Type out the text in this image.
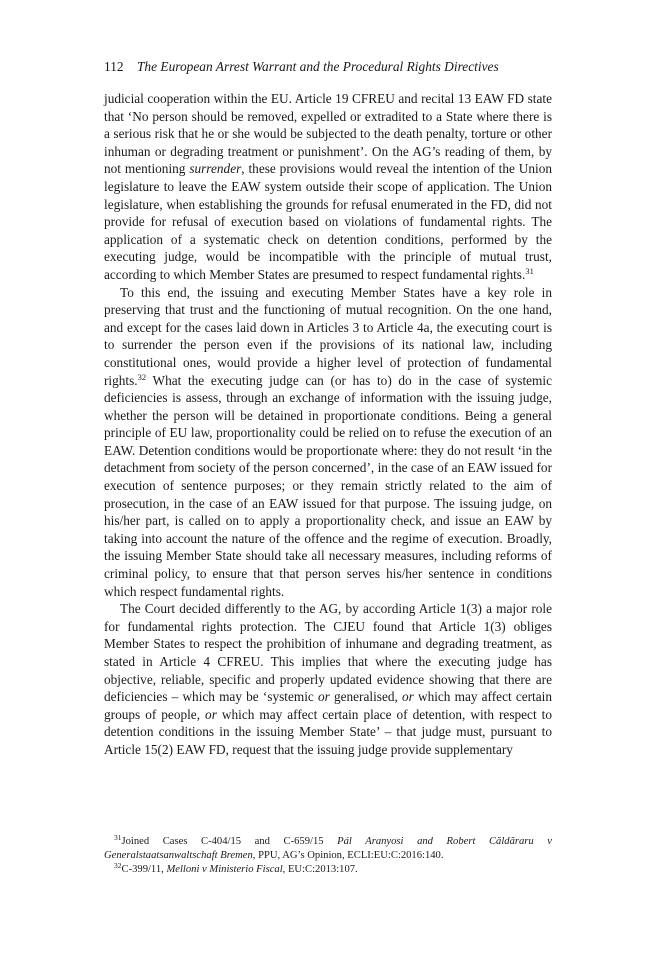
112 The European Arrest Warrant and the Procedural Rights Directives

judicial cooperation within the EU. Article 19 CFREU and recital 13 EAW FD state that ‘No person should be removed, expelled or extradited to a State where there is a serious risk that he or she would be subjected to the death penalty, torture or other inhuman or degrading treatment or punishment’. On the AG’s reading of them, by not mentioning surrender, these provisions would reveal the intention of the Union legislature to leave the EAW system outside their scope of application. The Union legislature, when establishing the grounds for refusal enumerated in the FD, did not provide for refusal of execution based on violations of fundamental rights. The application of a systematic check on detention conditions, performed by the executing judge, would be incompatible with the principle of mutual trust, according to which Member States are presumed to respect fundamental rights.$^{31}$

To this end, the issuing and executing Member States have a key role in preserving that trust and the functioning of mutual recognition. On the one hand, and except for the cases laid down in Articles 3 to Article 4a, the executing court is to surrender the person even if the provisions of its national law, including constitutional ones, would provide a higher level of protection of fundamental rights.$^{32}$ What the executing judge can (or has to) do in the case of systemic deficiencies is assess, through an exchange of information with the issuing judge, whether the person will be detained in proportionate conditions. Being a general principle of EU law, proportionality could be relied on to refuse the execution of an EAW. Detention conditions would be proportionate where: they do not result ‘in the detachment from society of the person concerned’, in the case of an EAW issued for execution of sentence purposes; or they remain strictly related to the aim of prosecution, in the case of an EAW issued for that purpose. The issuing judge, on his/her part, is called on to apply a proportionality check, and issue an EAW by taking into account the nature of the offence and the regime of execution. Broadly, the issuing Member State should take all necessary measures, including reforms of criminal policy, to ensure that that person serves his/her sentence in conditions which respect fundamental rights.

The Court decided differently to the AG, by according Article 1(3) a major role for fundamental rights protection. The CJEU found that Article 1(3) obliges Member States to respect the prohibition of inhumane and degrading treatment, as stated in Article 4 CFREU. This implies that where the executing judge has objective, reliable, specific and properly updated evidence showing that there are deficiencies – which may be ‘systemic or generalised, or which may affect certain groups of people, or which may affect certain place of detention, with respect to detention conditions in the issuing Member State’ – that judge must, pursuant to Article 15(2) EAW FD, request that the issuing judge provide supplementary

$^{31}$Joined Cases C-404/15 and C-659/15 Pál Aranyosi and Robert Căldăraru v Generalstaatsanwaltschaft Bremen, PPU, AG’s Opinion, ECLI:EU:C:2016:140.

$^{32}$C-399/11, Melloni v Ministerio Fiscal, EU:C:2013:107.
